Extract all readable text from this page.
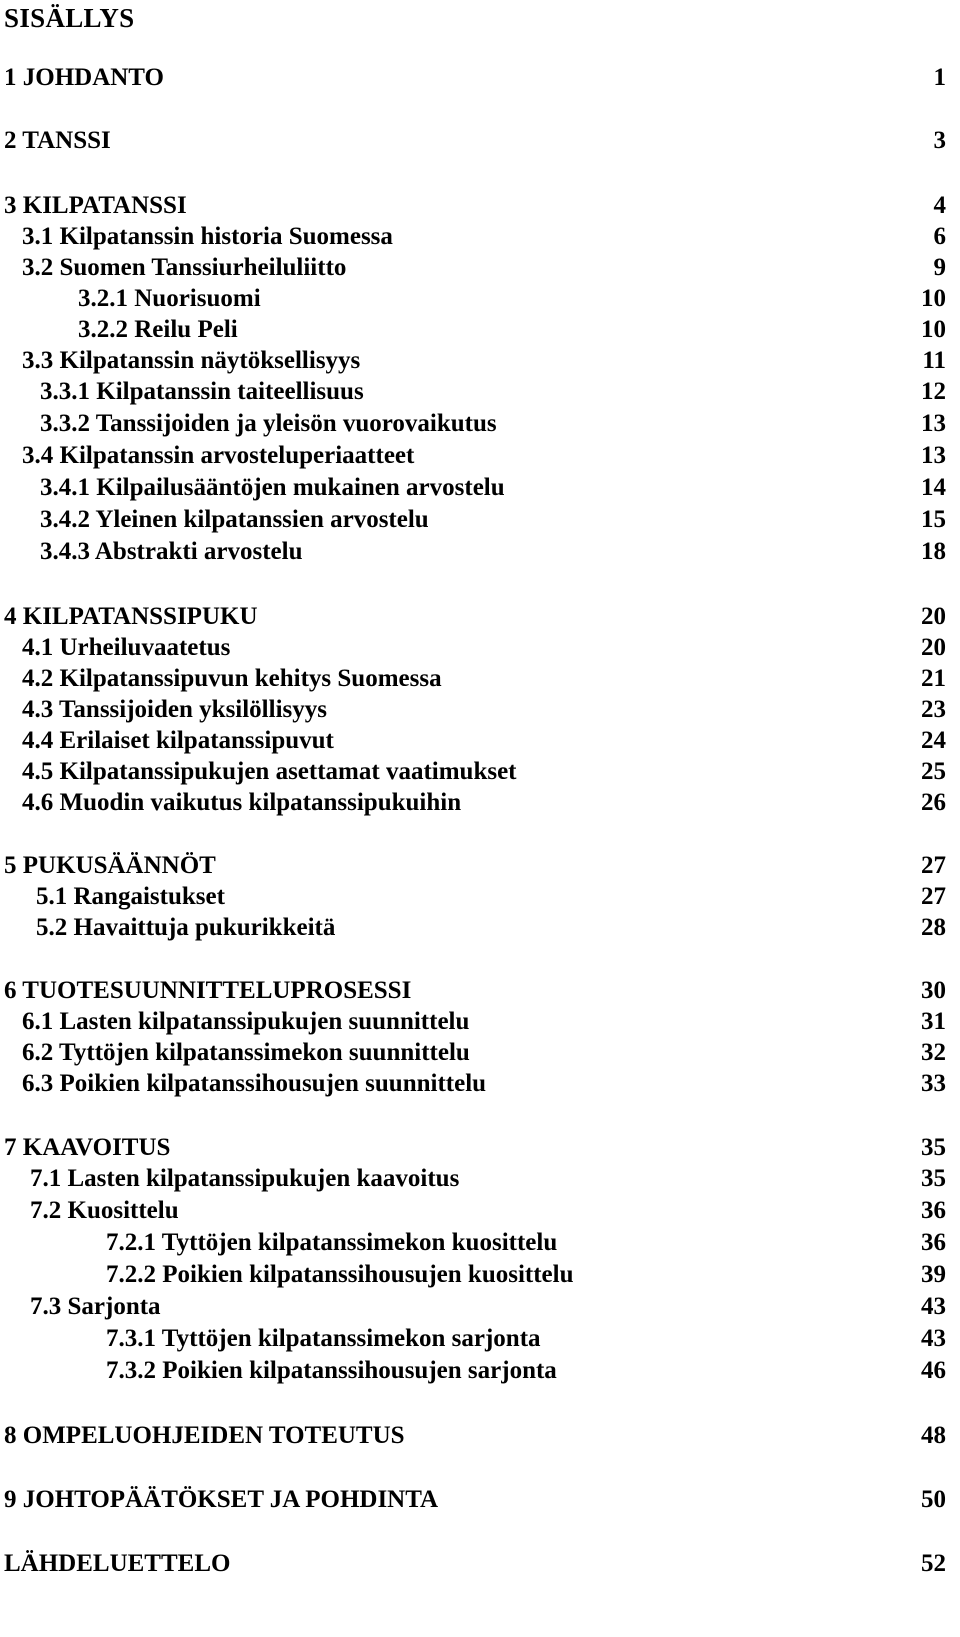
SISÄLLYS
1 JOHDANTO	1
2 TANSSI	3
3 KILPATANSSI	4
3.1 Kilpatanssin historia Suomessa	6
3.2 Suomen Tanssiurheiluliitto	9
3.2.1 Nuorisuomi	10
3.2.2 Reilu Peli	10
3.3 Kilpatanssin näytöksellisyys	11
3.3.1 Kilpatanssin taiteellisuus	12
3.3.2 Tanssijoiden ja yleisön vuorovaikutus	13
3.4 Kilpatanssin arvosteluperiaatteet	13
3.4.1 Kilpailusääntöjen mukainen arvostelu	14
3.4.2 Yleinen kilpatanssien arvostelu	15
3.4.3 Abstrakti arvostelu	18
4 KILPATANSSIPUKU	20
4.1 Urheiluvaatetus	20
4.2 Kilpatanssipuvun kehitys Suomessa	21
4.3 Tanssijoiden yksilöllisyys	23
4.4 Erilaiset kilpatanssipuvut	24
4.5 Kilpatanssipukujen asettamat vaatimukset	25
4.6 Muodin vaikutus kilpatanssipukuihin	26
5 PUKUSÄÄNNÖT	27
5.1 Rangaistukset	27
5.2 Havaittuja pukurikkeitä	28
6 TUOTESUUNNITTELUPROSESSI	30
6.1 Lasten kilpatanssipukujen suunnittelu	31
6.2 Tyttöjen kilpatanssimekon suunnittelu	32
6.3 Poikien kilpatanssihousujen suunnittelu	33
7 KAAVOITUS	35
7.1 Lasten kilpatanssipukujen kaavoitus	35
7.2 Kuosittelu	36
7.2.1 Tyttöjen kilpatanssimekon kuosittelu	36
7.2.2 Poikien kilpatanssihousujen kuosittelu	39
7.3 Sarjonta	43
7.3.1 Tyttöjen kilpatanssimekon sarjonta	43
7.3.2 Poikien kilpatanssihousujen sarjonta	46
8 OMPELUOHJEIDEN TOTEUTUS	48
9 JOHTOPÄÄTÖKSET JA POHDINTA	50
LÄHDELUETTELO	52
